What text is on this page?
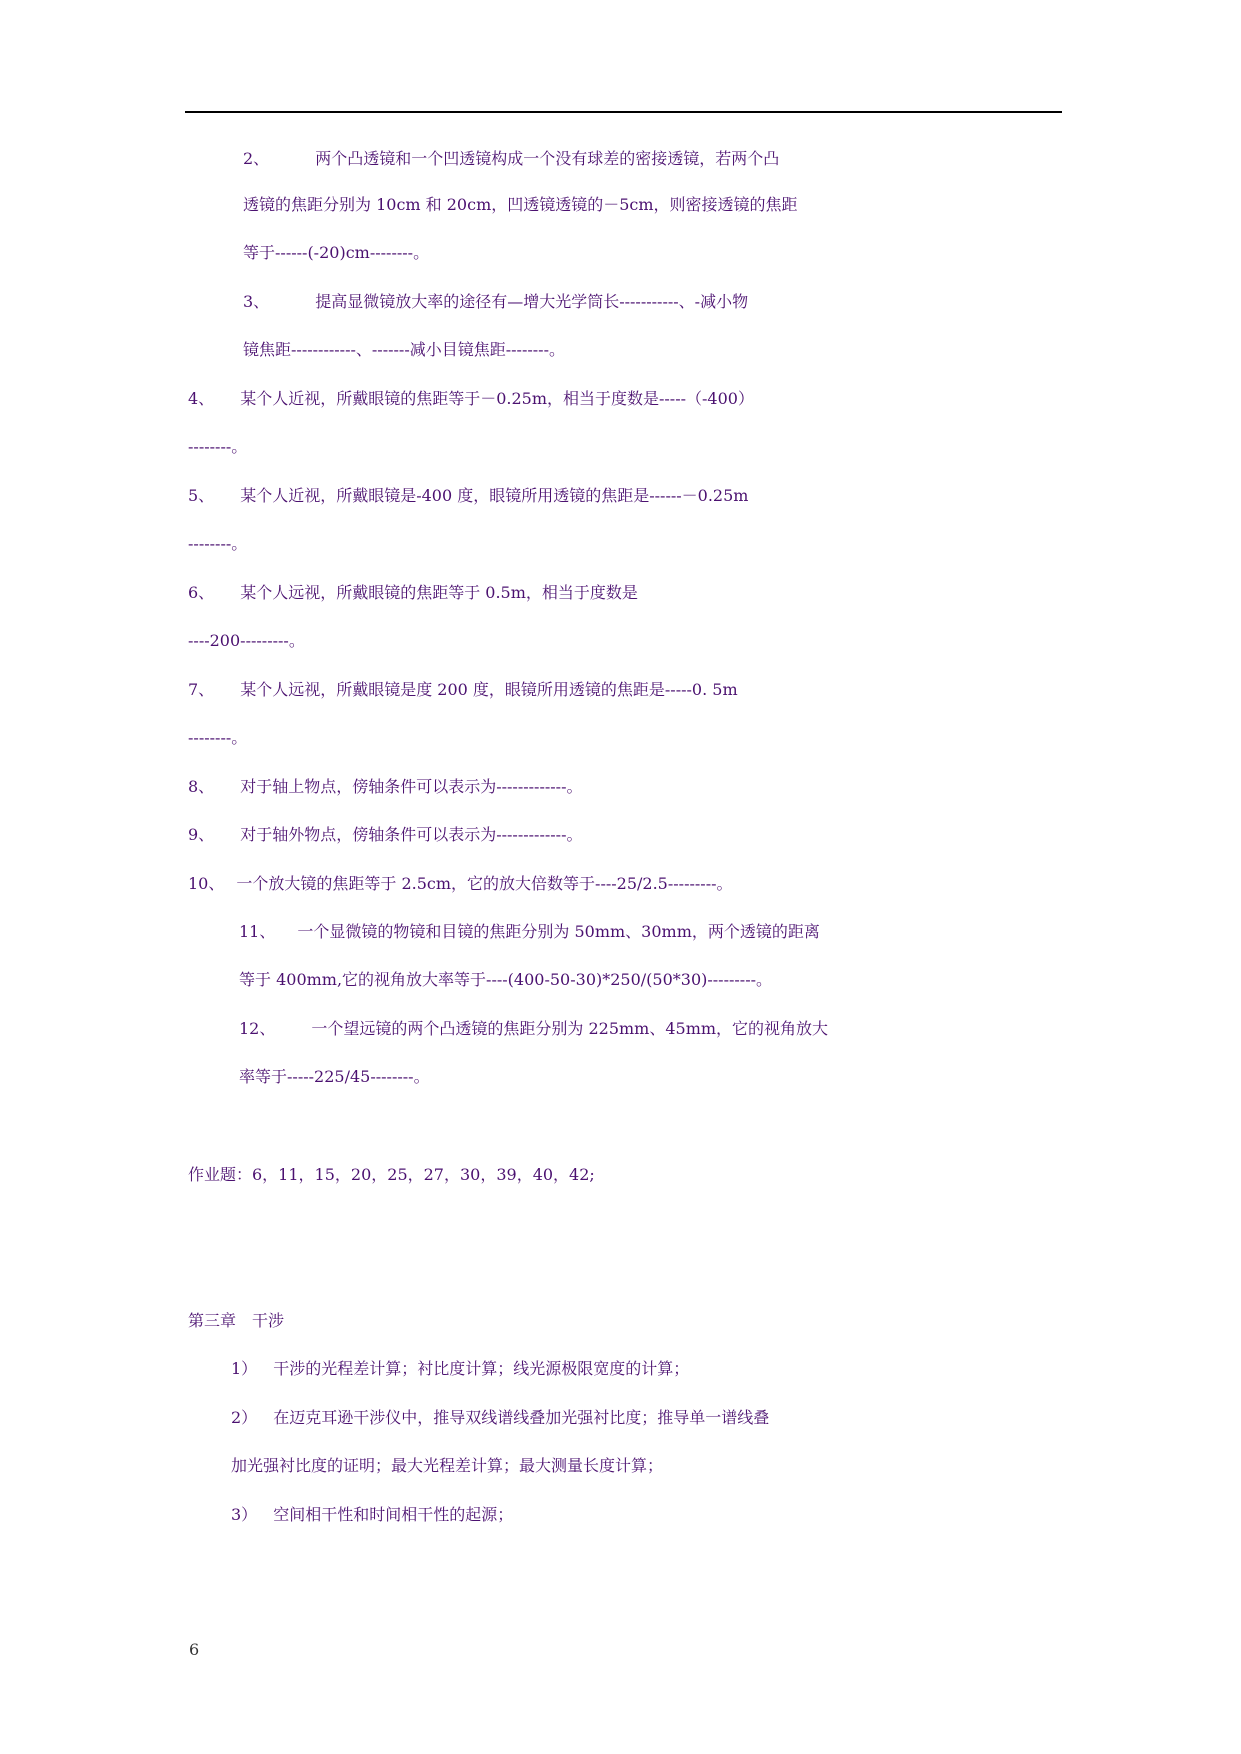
2、	两个凸透镜和一个凹透镜构成一个没有球差的密接透镜，若两个凸
透镜的焦距分别为 10cm 和 20cm，凹透镜透镜的－5cm，则密接透镜的焦距
等于------(-20)cm--------。
3、	提高显微镜放大率的途径有—增大光学筒长-----------、-减小物
镜焦距------------、-------减小目镜焦距--------。
4、 某个人近视，所戴眼镜的焦距等于－0.25m，相当于度数是-----（-400）
--------。
5、 某个人近视，所戴眼镜是-400 度，眼镜所用透镜的焦距是------－0.25m
--------。
6、 某个人远视，所戴眼镜的焦距等于 0.5m，相当于度数是
----200---------。
7、 某个人远视，所戴眼镜是度 200 度，眼镜所用透镜的焦距是-----0. 5m
--------。
8、 对于轴上物点，傍轴条件可以表示为-------------。
9、 对于轴外物点，傍轴条件可以表示为-------------。
10、 一个放大镜的焦距等于 2.5cm，它的放大倍数等于----25/2.5---------。
11、 一个显微镜的物镜和目镜的焦距分别为 50mm、30mm，两个透镜的距离
等于 400mm,它的视角放大率等于----(400-50-30)*250/(50*30)---------。
12、 一个望远镜的两个凸透镜的焦距分别为 225mm、45mm，它的视角放大
率等于-----225/45--------。
作业题：6，11，15，20，25，27，30，39，40，42;
第三章　干涉
1） 干涉的光程差计算；衬比度计算；线光源极限宽度的计算；
2） 在迈克耳逊干涉仪中，推导双线谱线叠加光强衬比度；推导单一谱线叠
加光强衬比度的证明；最大光程差计算；最大测量长度计算；
3） 空间相干性和时间相干性的起源；
6
